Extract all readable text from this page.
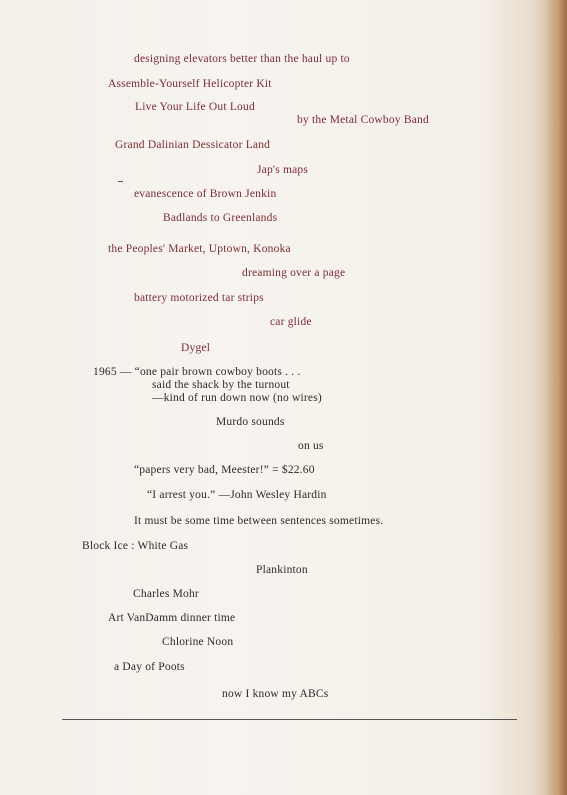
designing elevators better than the haul up to
Assemble-Yourself Helicopter Kit
Live Your Life Out Loud
by the Metal Cowboy Band
Grand Dalinian Dessicator Land
Jap's maps
evanescence of Brown Jenkin
Badlands to Greenlands
the Peoples' Market, Uptown, Konoka
dreaming over a page
battery motorized tar strips
car glide
Dygel
1965 — “one pair brown cowboy boots . . .
said the shack by the turnout
—kind of run down now (no wires)
Murdo sounds
on us
“papers very bad, Meester!” = $22.60
“I arrest you.” —John Wesley Hardin
It must be some time between sentences sometimes.
Block Ice : White Gas
Plankinton
Charles Mohr
Art VanDamm dinner time
Chlorine Noon
a Day of Poots
now I know my ABCs
